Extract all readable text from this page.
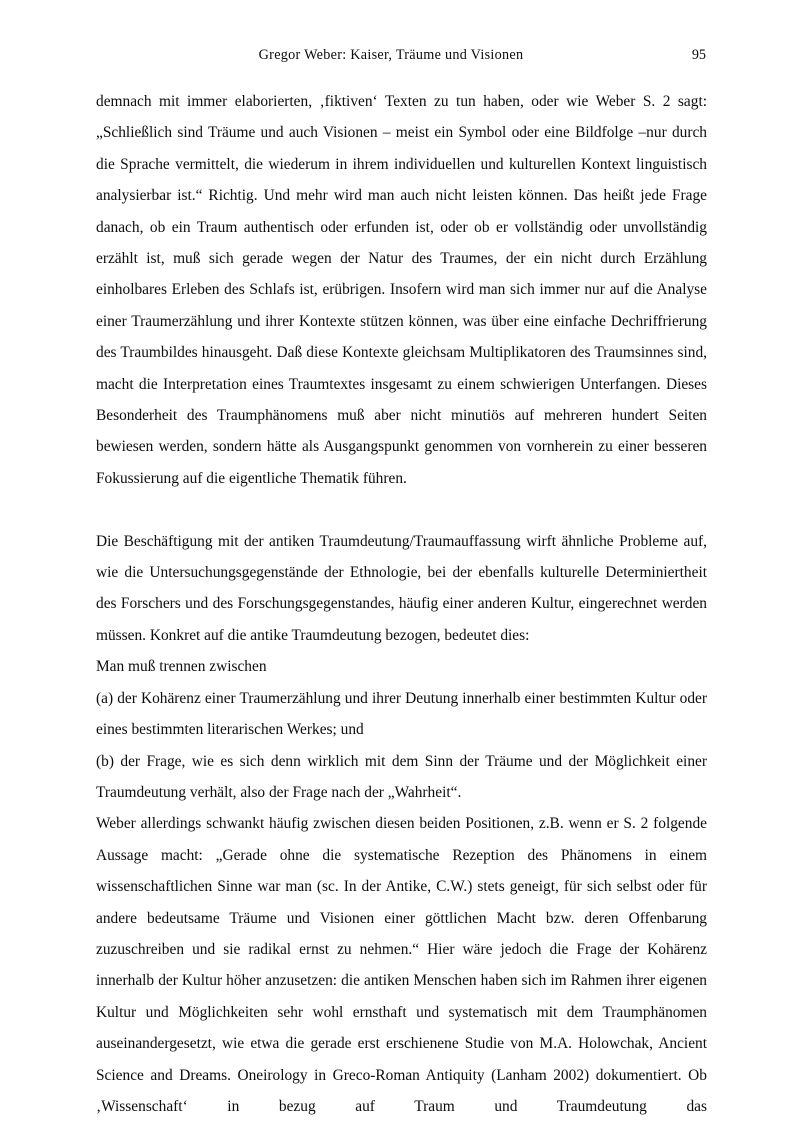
Gregor Weber: Kaiser, Träume und Visionen	95

demnach mit immer elaborierten, ‚fiktiven‘ Texten zu tun haben, oder wie Weber S. 2 sagt: „Schließlich sind Träume und auch Visionen – meist ein Symbol oder eine Bildfolge –nur durch die Sprache vermittelt, die wiederum in ihrem individuellen und kulturellen Kontext linguistisch analysierbar ist.“ Richtig. Und mehr wird man auch nicht leisten können. Das heißt jede Frage danach, ob ein Traum authentisch oder erfunden ist, oder ob er vollständig oder unvollständig erzählt ist, muß sich gerade wegen der Natur des Traumes, der ein nicht durch Erzählung einholbares Erleben des Schlafs ist, erübrigen. Insofern wird man sich immer nur auf die Analyse einer Traumerzählung und ihrer Kontexte stützen können, was über eine einfache Dechriffrierung des Traumbildes hinausgeht. Daß diese Kontexte gleichsam Multiplikatoren des Traumsinnes sind, macht die Interpretation eines Traumtextes insgesamt zu einem schwierigen Unterfangen. Dieses Besonderheit des Traumphänomens muß aber nicht minutiös auf mehreren hundert Seiten bewiesen werden, sondern hätte als Ausgangspunkt genommen von vornherein zu einer besseren Fokussierung auf die eigentliche Thematik führen.

Die Beschäftigung mit der antiken Traumdeutung/Traumauffassung wirft ähnliche Probleme auf, wie die Untersuchungsgegenstände der Ethnologie, bei der ebenfalls kulturelle Determiniertheit des Forschers und des Forschungsgegenstandes, häufig einer anderen Kultur, eingerechnet werden müssen. Konkret auf die antike Traumdeutung bezogen, bedeutet dies:

Man muß trennen zwischen

(a) der Kohärenz einer Traumerzählung und ihrer Deutung innerhalb einer bestimmten Kultur oder eines bestimmten literarischen Werkes; und

(b) der Frage, wie es sich denn wirklich mit dem Sinn der Träume und der Möglichkeit einer Traumdeutung verhält, also der Frage nach der „Wahrheit“.

Weber allerdings schwankt häufig zwischen diesen beiden Positionen, z.B. wenn er S. 2 folgende Aussage macht: „Gerade ohne die systematische Rezeption des Phänomens in einem wissenschaftlichen Sinne war man (sc. In der Antike, C.W.) stets geneigt, für sich selbst oder für andere bedeutsame Träume und Visionen einer göttlichen Macht bzw. deren Offenbarung zuzuschreiben und sie radikal ernst zu nehmen.“ Hier wäre jedoch die Frage der Kohärenz innerhalb der Kultur höher anzusetzen: die antiken Menschen haben sich im Rahmen ihrer eigenen Kultur und Möglichkeiten sehr wohl ernsthaft und systematisch mit dem Traumphänomen auseinandergesetzt, wie etwa die gerade erst erschienene Studie von M.A. Holowchak, Ancient Science and Dreams. Oneirology in Greco-Roman Antiquity (Lanham 2002) dokumentiert. Ob ‚Wissenschaft‘ in bezug auf Traum und Traumdeutung das
